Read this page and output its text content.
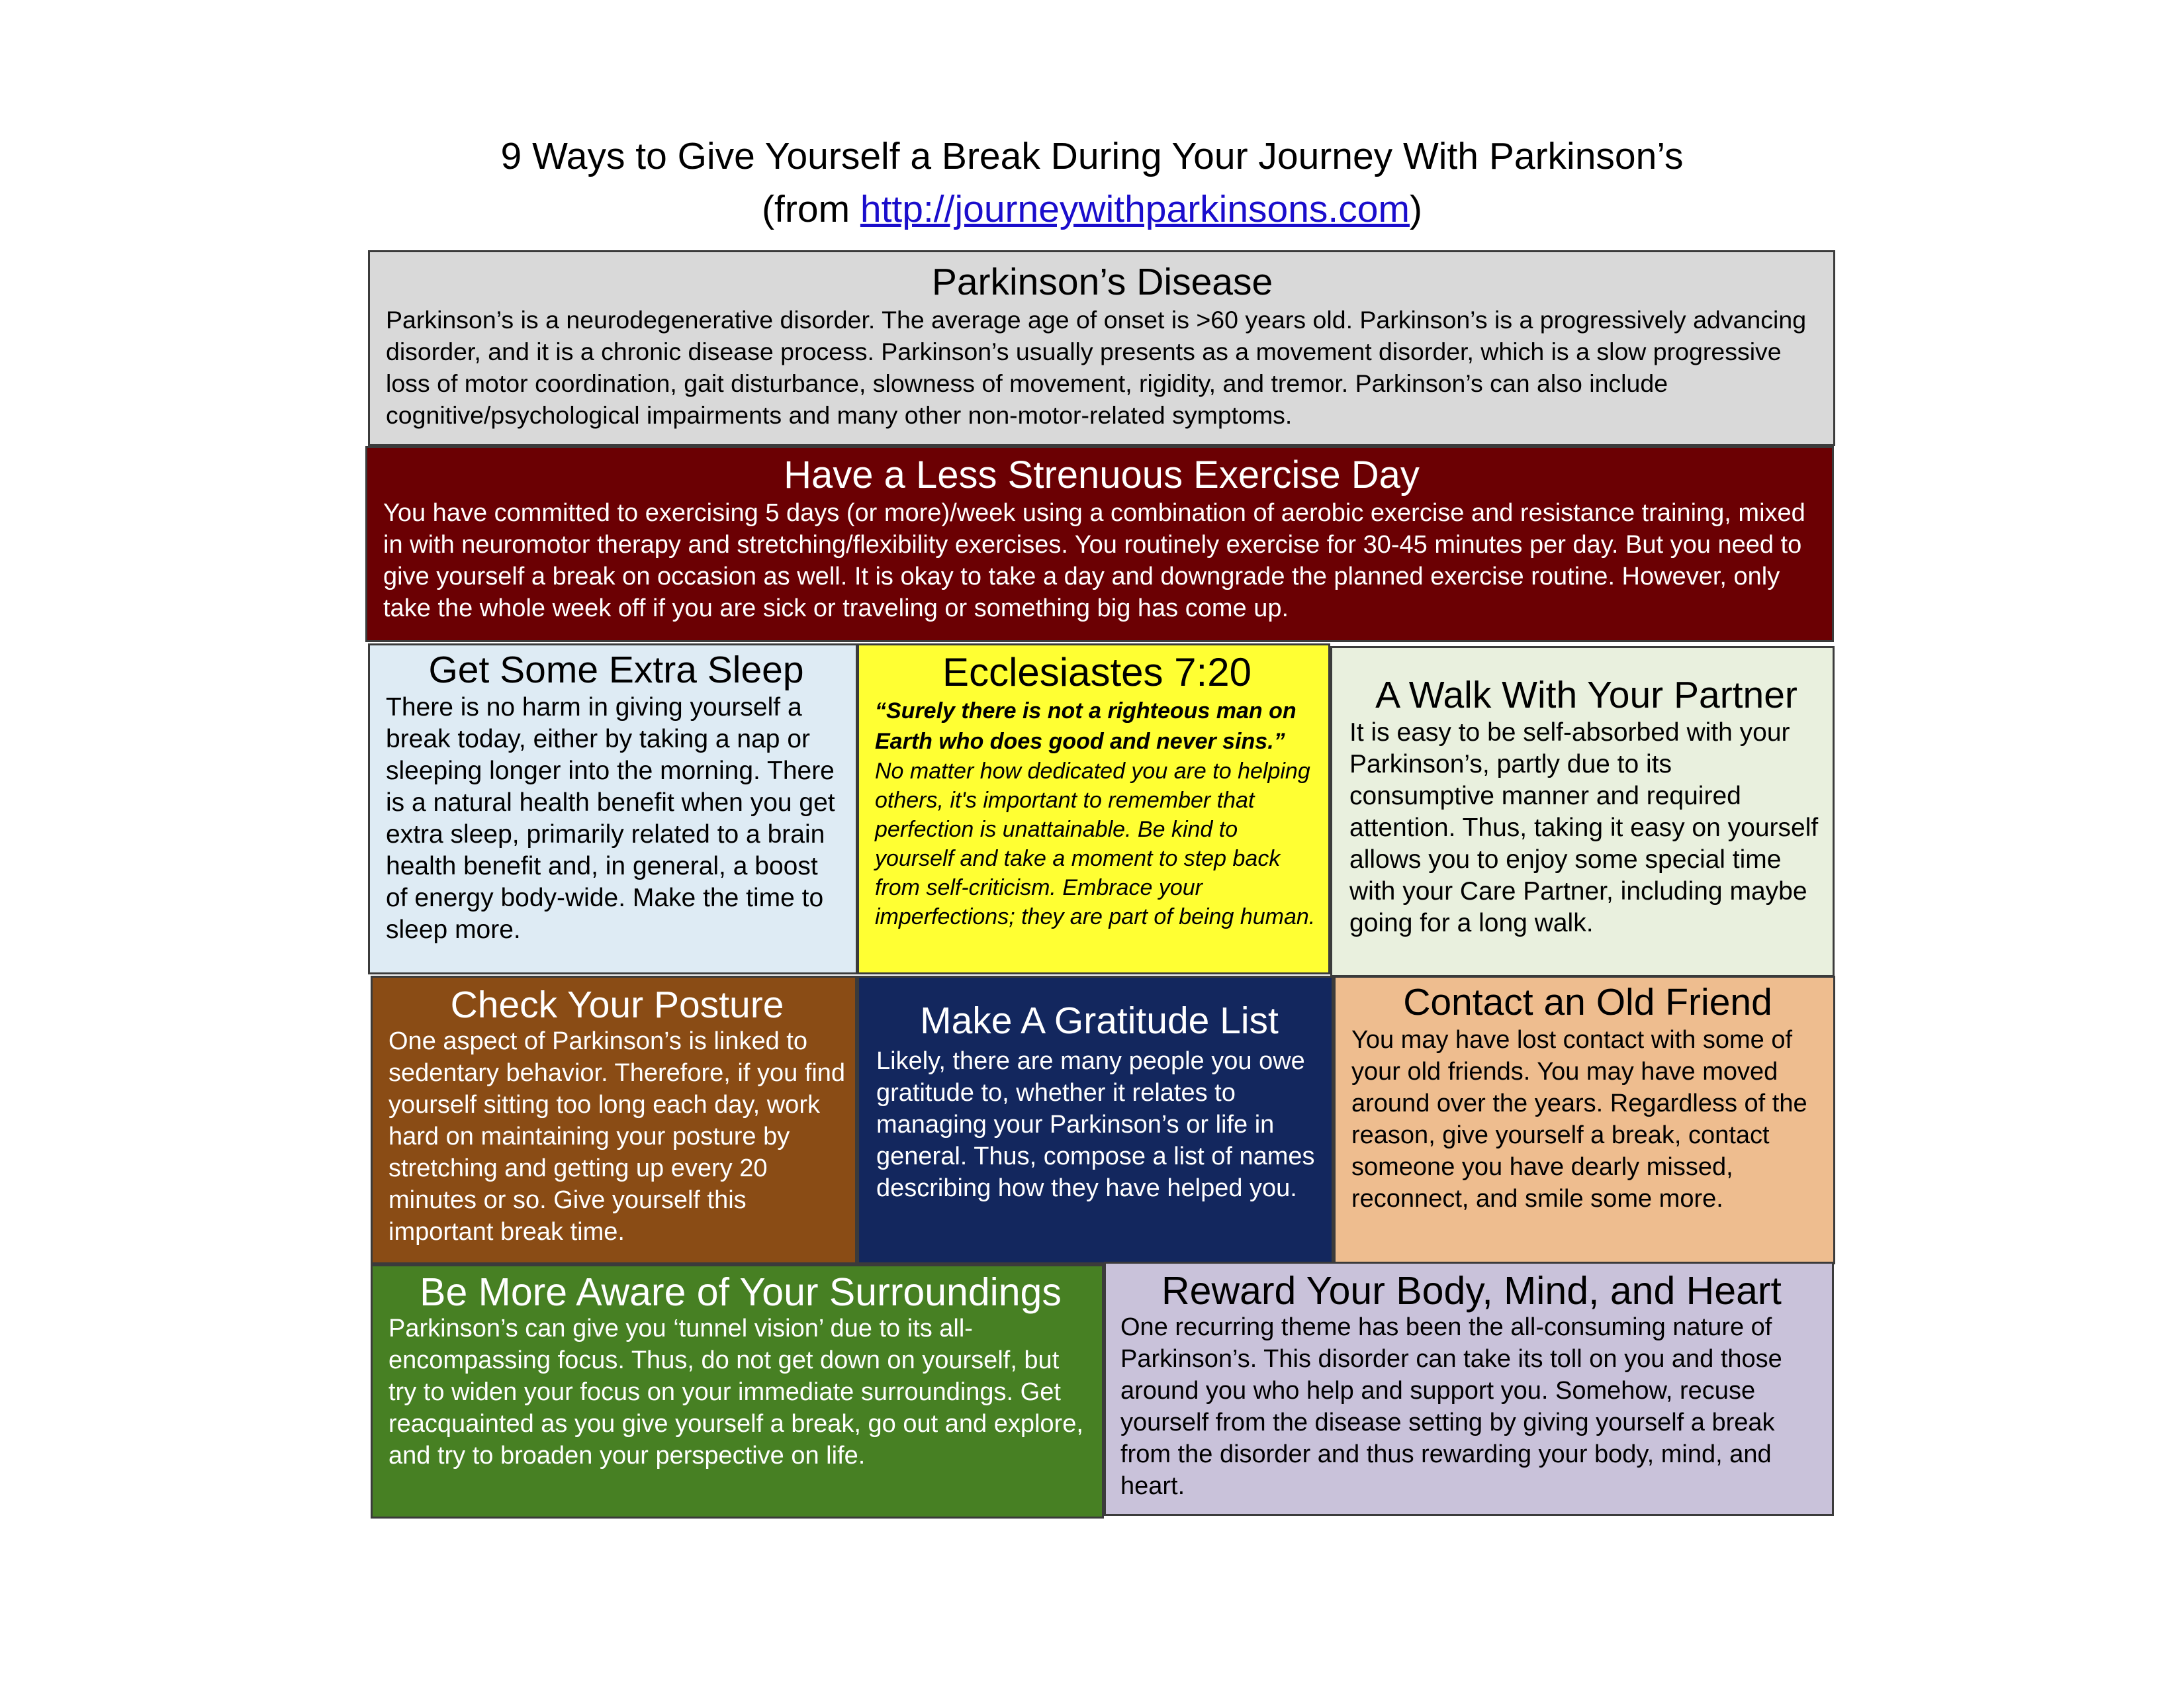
9 Ways to Give Yourself a Break During Your Journey With Parkinson’s
(from http://journeywithparkinsons.com)
Parkinson’s Disease
Parkinson’s is a neurodegenerative disorder. The average age of onset is >60 years old. Parkinson’s is a progressively advancing disorder, and it is a chronic disease process. Parkinson’s usually presents as a movement disorder, which is a slow progressive loss of motor coordination, gait disturbance, slowness of movement, rigidity, and tremor. Parkinson’s can also include cognitive/psychological impairments and many other non-motor-related symptoms.
Have a Less Strenuous Exercise Day
You have committed to exercising 5 days (or more)/week using a combination of aerobic exercise and resistance training, mixed in with neuromotor therapy and stretching/flexibility exercises. You routinely exercise for 30-45 minutes per day. But you need to give yourself a break on occasion as well. It is okay to take a day and downgrade the planned exercise routine. However, only take the whole week off if you are sick or traveling or something big has come up.
Get Some Extra Sleep
There is no harm in giving yourself a break today, either by taking a nap or sleeping longer into the morning. There is a natural health benefit when you get extra sleep, primarily related to a brain health benefit and, in general, a boost of energy body-wide. Make the time to sleep more.
Ecclesiastes 7:20
“Surely there is not a righteous man on Earth who does good and never sins.”
No matter how dedicated you are to helping others, it's important to remember that perfection is unattainable. Be kind to yourself and take a moment to step back from self-criticism. Embrace your imperfections; they are part of being human.
A Walk With Your Partner
It is easy to be self-absorbed with your Parkinson’s, partly due to its consumptive manner and required attention. Thus, taking it easy on yourself allows you to enjoy some special time with your Care Partner, including maybe going for a long walk.
Check Your Posture
One aspect of Parkinson’s is linked to sedentary behavior. Therefore, if you find yourself sitting too long each day, work hard on maintaining your posture by stretching and getting up every 20 minutes or so. Give yourself this important break time.
Make A Gratitude List
Likely, there are many people you owe gratitude to, whether it relates to managing your Parkinson’s or life in general. Thus, compose a list of names describing how they have helped you.
Contact an Old Friend
You may have lost contact with some of your old friends. You may have moved around over the years. Regardless of the reason, give yourself a break, contact someone you have dearly missed, reconnect, and smile some more.
Be More Aware of Your Surroundings
Parkinson’s can give you ‘tunnel vision’ due to its all-encompassing focus. Thus, do not get down on yourself, but try to widen your focus on your immediate surroundings. Get reacquainted as you give yourself a break, go out and explore, and try to broaden your perspective on life.
Reward Your Body, Mind, and Heart
One recurring theme has been the all-consuming nature of Parkinson’s. This disorder can take its toll on you and those around you who help and support you. Somehow, recuse yourself from the disease setting by giving yourself a break from the disorder and thus rewarding your body, mind, and heart.
